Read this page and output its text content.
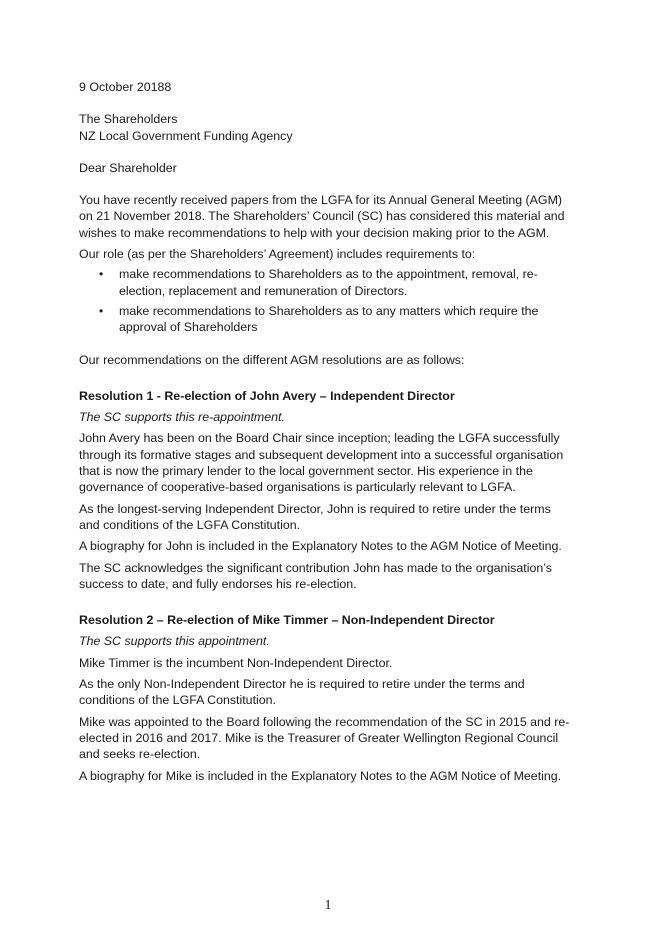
9 October 20188

The Shareholders

NZ Local Government Funding Agency

Dear Shareholder

You have recently received papers from the LGFA for its Annual General Meeting (AGM) on 21 November 2018. The Shareholders’ Council (SC) has considered this material and wishes to make recommendations to help with your decision making prior to the AGM.

Our role (as per the Shareholders’ Agreement) includes requirements to:

• make recommendations to Shareholders as to the appointment, removal, re-election, replacement and remuneration of Directors.
• make recommendations to Shareholders as to any matters which require the approval of Shareholders

Our recommendations on the different AGM resolutions are as follows:

Resolution 1 - Re-election of John Avery – Independent Director

The SC supports this re-appointment.

John Avery has been on the Board Chair since inception; leading the LGFA successfully through its formative stages and subsequent development into a successful organisation that is now the primary lender to the local government sector. His experience in the governance of cooperative-based organisations is particularly relevant to LGFA.

As the longest-serving Independent Director, John is required to retire under the terms and conditions of the LGFA Constitution.

A biography for John is included in the Explanatory Notes to the AGM Notice of Meeting.

The SC acknowledges the significant contribution John has made to the organisation’s success to date, and fully endorses his re-election.

Resolution 2 – Re-election of Mike Timmer – Non-Independent Director

The SC supports this appointment.

Mike Timmer is the incumbent Non-Independent Director.

As the only Non-Independent Director he is required to retire under the terms and conditions of the LGFA Constitution.

Mike was appointed to the Board following the recommendation of the SC in 2015 and re-elected in 2016 and 2017. Mike is the Treasurer of Greater Wellington Regional Council and seeks re-election.

A biography for Mike is included in the Explanatory Notes to the AGM Notice of Meeting.

1
